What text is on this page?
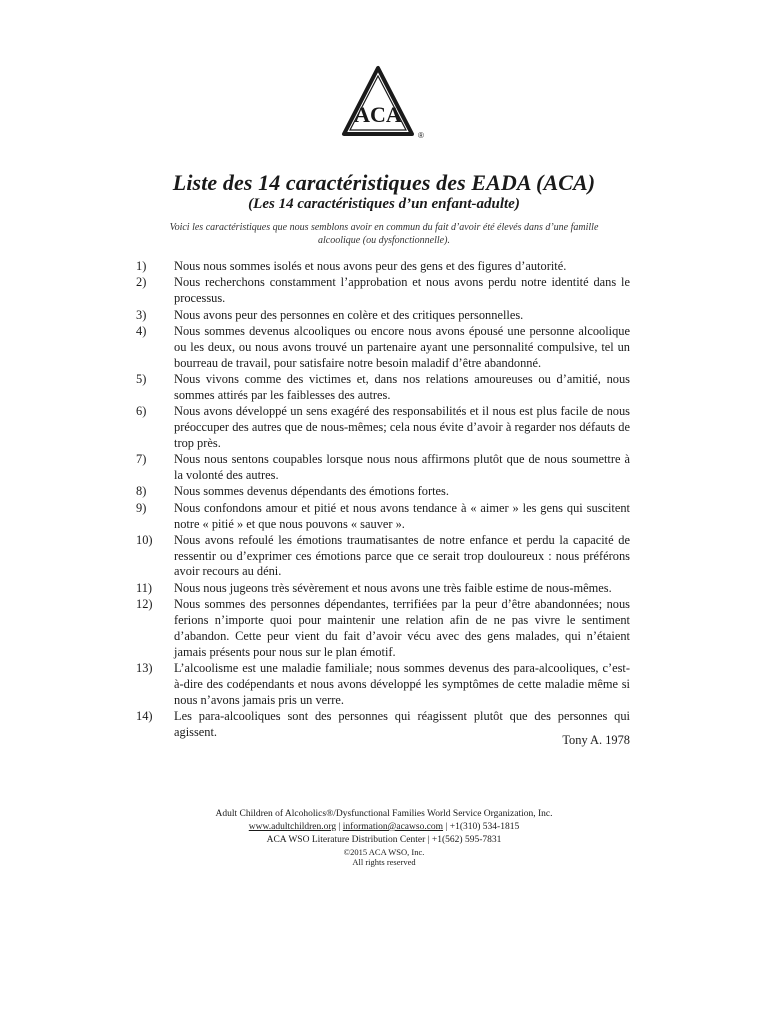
ACA
®
Liste des 14 caractéristiques des EADA (ACA)
(Les 14 caractéristiques d’un enfant-adulte)
Voici les caractéristiques que nous semblons avoir en commun du fait d’avoir été élevés dans d’une famille alcoolique (ou dysfonctionnelle).
1)	Nous nous sommes isolés et nous avons peur des gens et des figures d’autorité.
2)	Nous recherchons constamment l’approbation et nous avons perdu notre identité dans le processus.
3)	Nous avons peur des personnes en colère et des critiques personnelles.
4)	Nous sommes devenus alcooliques ou encore nous avons épousé une personne alcoolique ou les deux, ou nous avons trouvé un partenaire ayant une personnalité compulsive, tel un bourreau de travail, pour satisfaire notre besoin maladif d’être abandonné.
5)	Nous vivons comme des victimes et, dans nos relations amoureuses ou d’amitié, nous sommes attirés par les faiblesses des autres.
6)	Nous avons développé un sens exagéré des responsabilités et il nous est plus facile de nous préoccuper des autres que de nous-mêmes; cela nous évite d’avoir à regarder nos défauts de trop près.
7)	Nous nous sentons coupables lorsque nous nous affirmons plutôt que de nous soumettre à la volonté des autres.
8)	Nous sommes devenus dépendants des émotions fortes.
9)	Nous confondons amour et pitié et nous avons tendance à « aimer » les gens qui suscitent notre « pitié » et que nous pouvons « sauver ».
10)	Nous avons refoulé les émotions traumatisantes de notre enfance et perdu la capacité de ressentir ou d’exprimer ces émotions parce que ce serait trop douloureux : nous préférons avoir recours au déni.
11)	Nous nous jugeons très sévèrement et nous avons une très faible estime de nous-mêmes.
12)	Nous sommes des personnes dépendantes, terrifiées par la peur d’être abandonnées; nous ferions n’importe quoi pour maintenir une relation afin de ne pas vivre le sentiment d’abandon. Cette peur vient du fait d’avoir vécu avec des gens malades, qui n’étaient jamais présents pour nous sur le plan émotif.
13)	L’alcoolisme est une maladie familiale; nous sommes devenus des para-alcooliques, c’est-à-dire des codépendants et nous avons développé les symptômes de cette maladie même si nous n’avons jamais pris un verre.
14)	Les para-alcooliques sont des personnes qui réagissent plutôt que des personnes qui agissent.
Tony A. 1978
Adult Children of Alcoholics®/Dysfunctional Families World Service Organization, Inc.
www.adultchildren.org | information@acawso.com | +1(310) 534-1815
ACA WSO Literature Distribution Center | +1(562) 595-7831
©2015 ACA WSO, Inc.
All rights reserved
